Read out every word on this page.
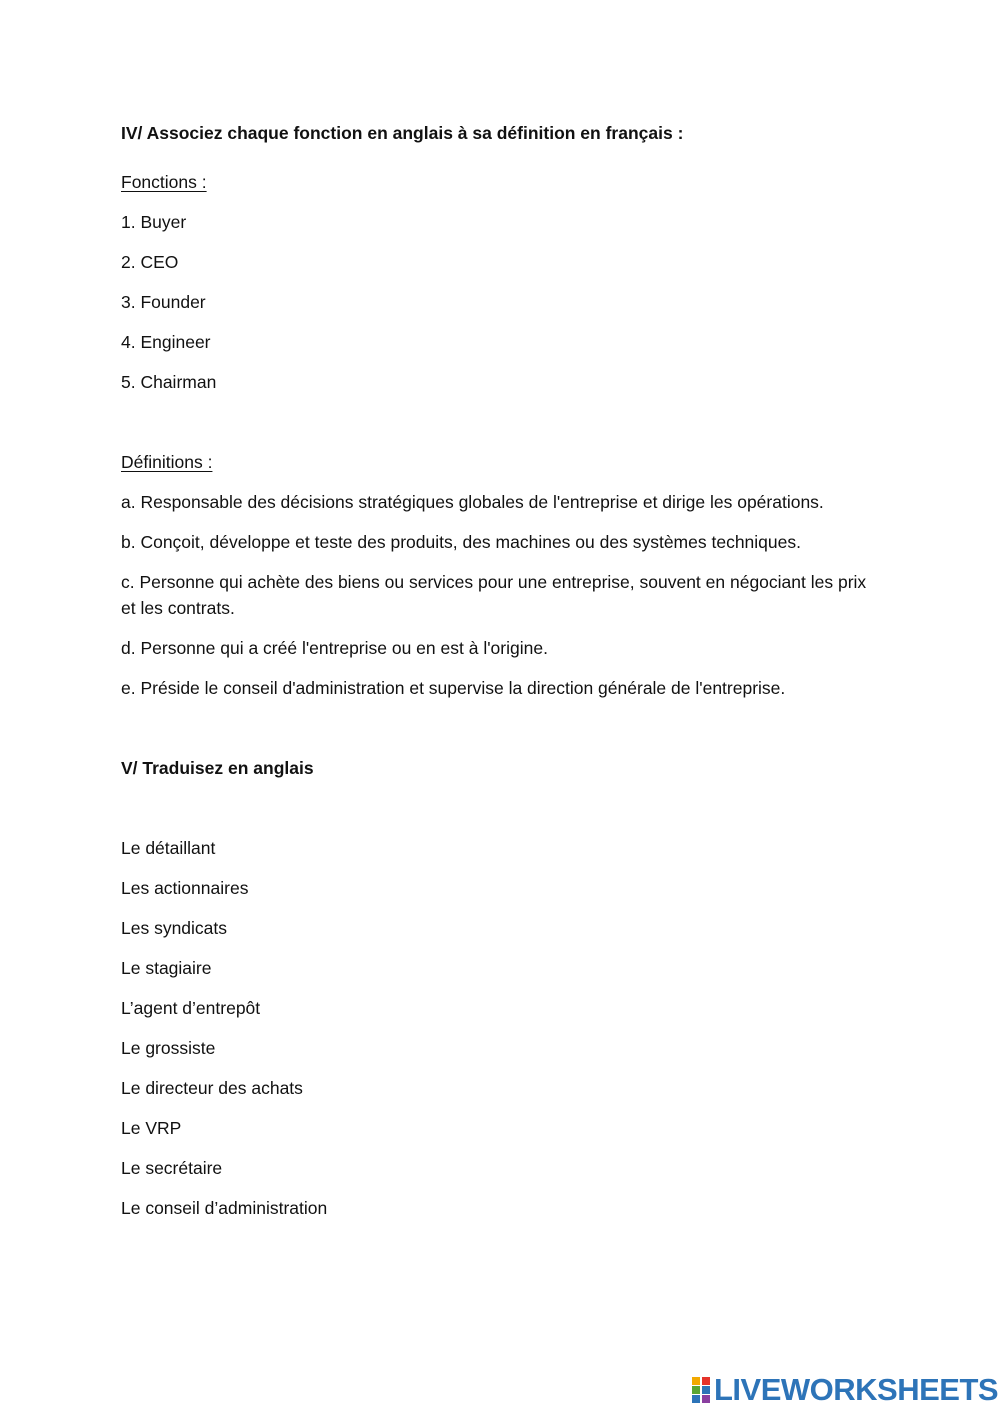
IV/ Associez chaque fonction en anglais à sa définition en français :
Fonctions :
1. Buyer
2. CEO
3. Founder
4. Engineer
5. Chairman
Définitions :
a. Responsable des décisions stratégiques globales de l'entreprise et dirige les opérations.
b. Conçoit, développe et teste des produits, des machines ou des systèmes techniques.
c. Personne qui achète des biens ou services pour une entreprise, souvent en négociant les prix et les contrats.
d. Personne qui a créé l'entreprise ou en est à l'origine.
e. Préside le conseil d'administration et supervise la direction générale de l'entreprise.
V/ Traduisez en anglais
Le détaillant
Les actionnaires
Les syndicats
Le stagiaire
L’agent d’entrepôt
Le grossiste
Le directeur des achats
Le VRP
Le secrétaire
Le conseil d’administration
LIVEWORKSHEETS
